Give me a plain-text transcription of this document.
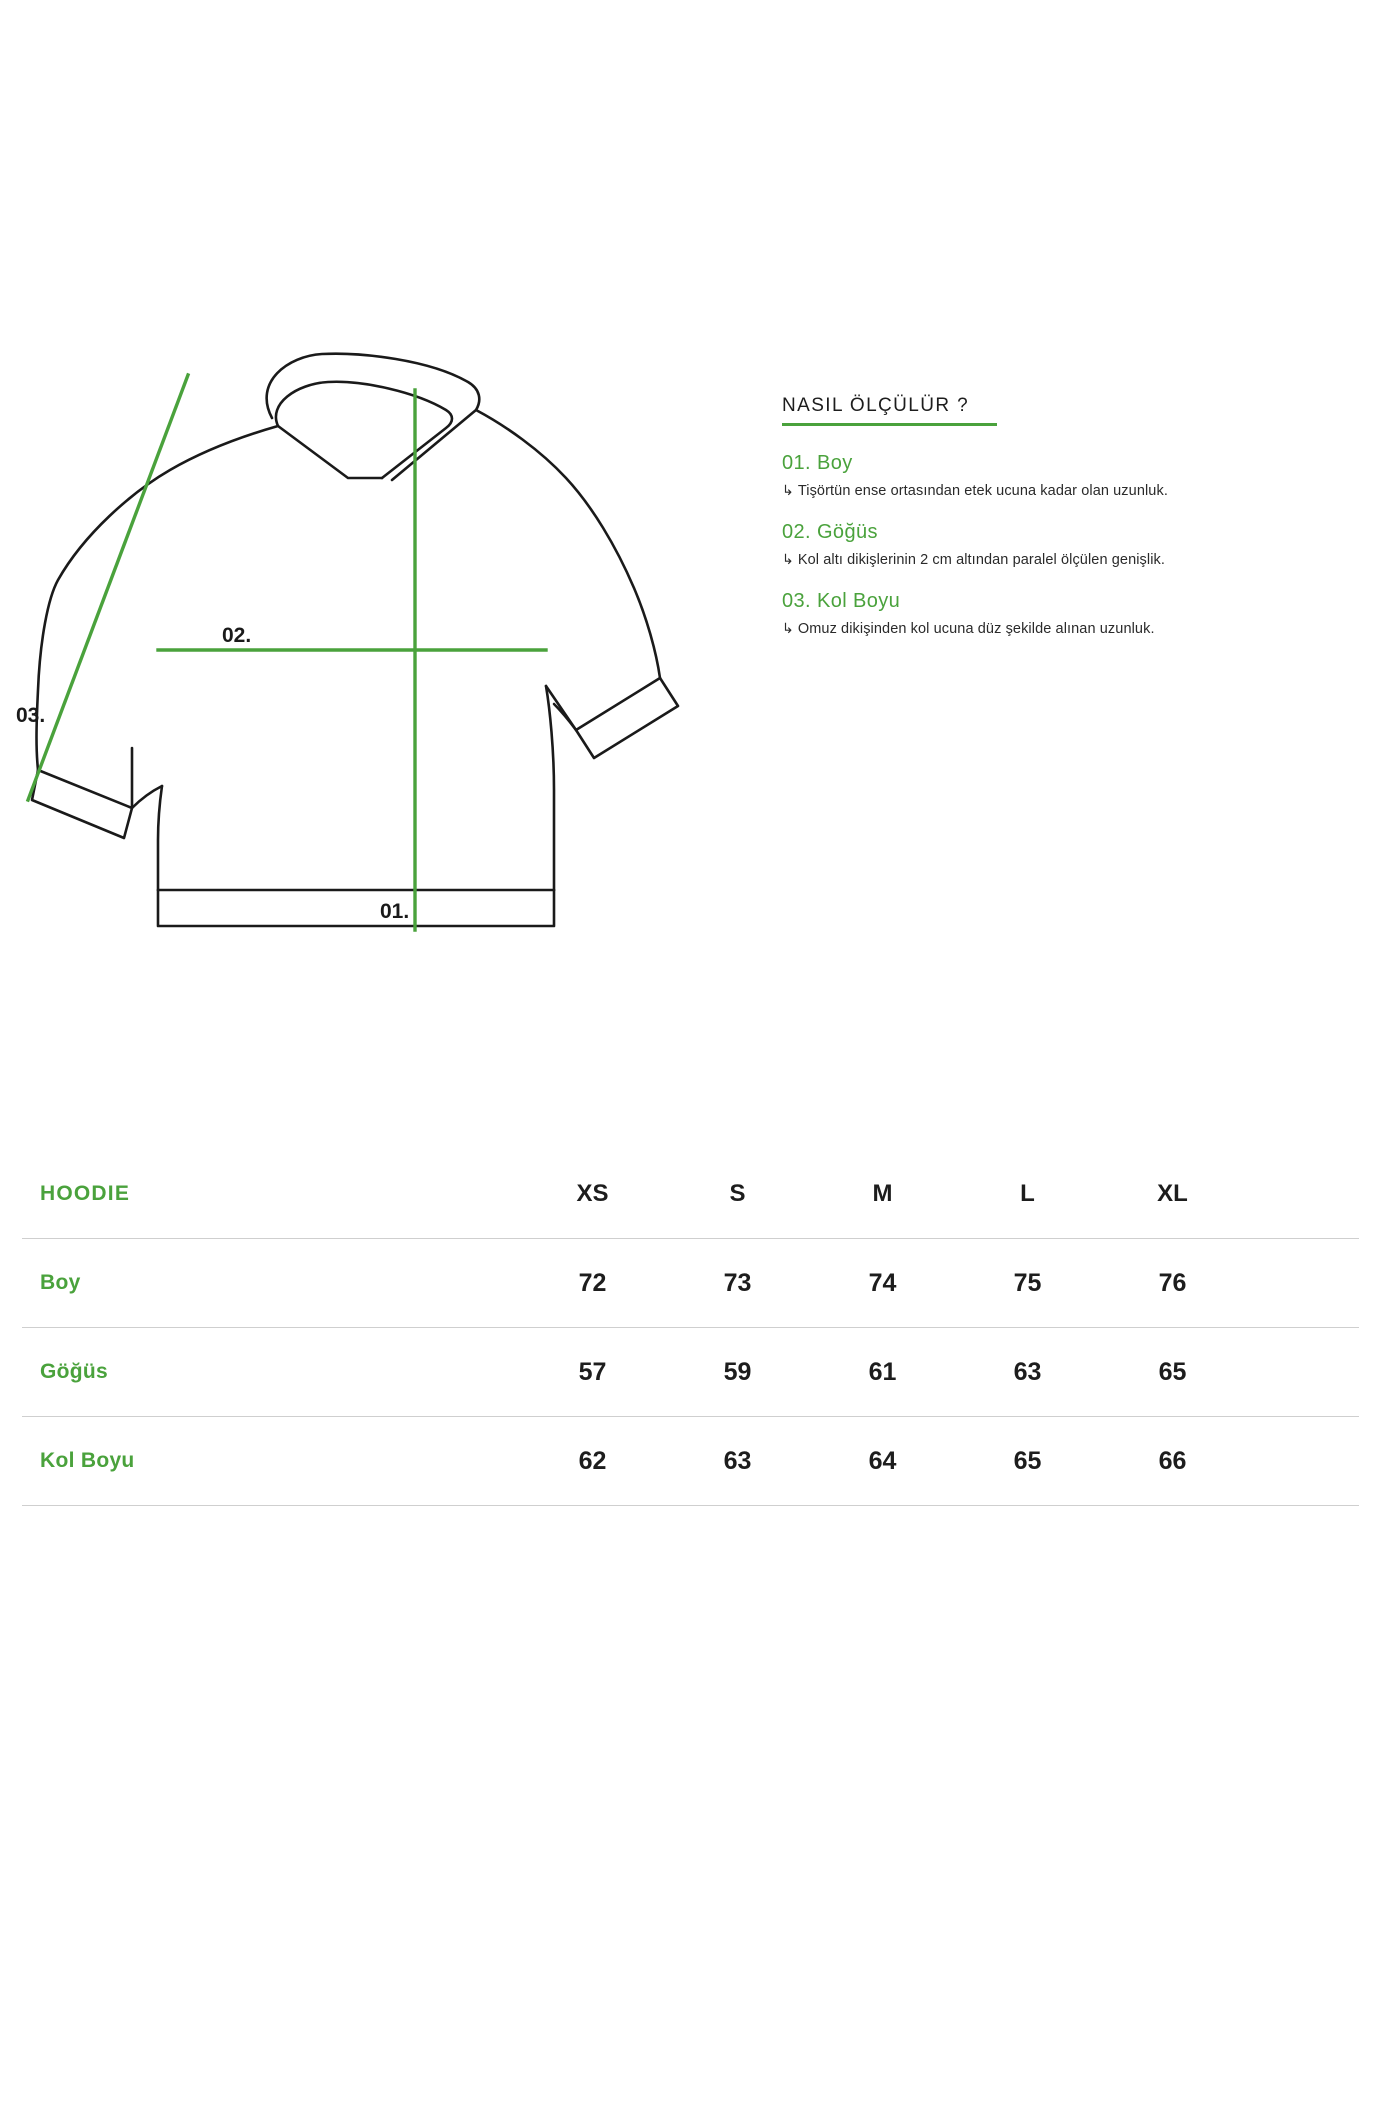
02.
01.
03.
NASIL ÖLÇÜLÜR ?
01. Boy
↳ Tişörtün ense ortasından etek ucuna kadar olan uzunluk.
02. Göğüs
↳ Kol altı dikişlerinin 2 cm altından paralel ölçülen genişlik.
03. Kol Boyu
↳ Omuz dikişinden kol ucuna düz şekilde alınan uzunluk.
HOODIE	XS	S	M	L	XL	
Boy	72	73	74	75	76	
Göğüs	57	59	61	63	65	
Kol Boyu	62	63	64	65	66	
